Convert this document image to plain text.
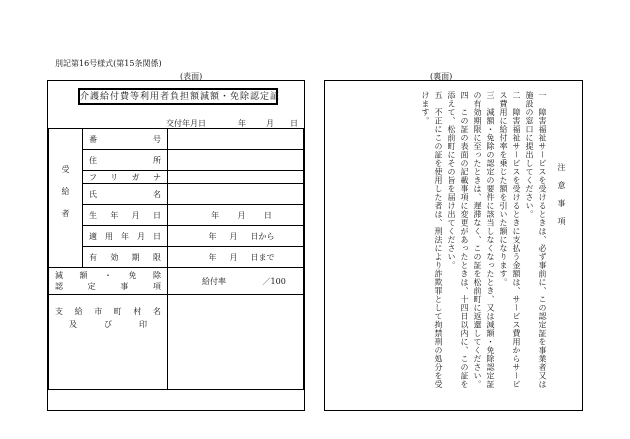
別記第16号様式(第15条関係)
(表面)	(裏面)
介護給付費等利用者負担額減額・免除認定証
交付年月日	年	月 日
受給者	番　号	
	住　所	
	フリガナ	
	氏　名	
	生年月日	年 月 日

	適用年月日	年 月 日から

	有効期限	年 月 日まで

減額・免除
認定事項		給付率 ／100

支給市町村名
及び印		

注意事項

一　障害福祉サービスを受けるときは、必ず事前に、この認定証を事業者又は施設の窓口に提出してください。

二　障害福祉サービスを受けるときに支払う金額は、サービス費用からサービス費用に給付率を乗じた額を引いた額になります。

三　減額・免除の認定の要件に該当しなくなったとき、又は減額・免除認定証の有効期限に至ったときは、遅滞なく、この証を松前町に返還してください。

四　この証の表面の記載事項に変更があったときは、十四日以内に、この証を添えて、松前町にその旨を届け出てください。

五　不正にこの証を使用した者は、刑法により詐欺罪として拘禁刑の処分を受けます。
